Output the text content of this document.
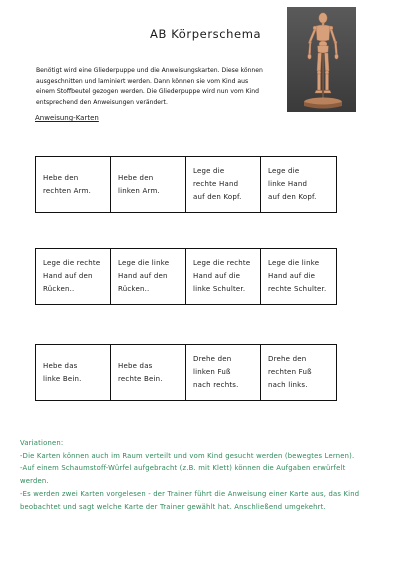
AB Körperschema
Benötigt wird eine Gliederpuppe und die Anweisungskarten. Diese können ausgeschnitten und laminiert werden. Dann können sie vom Kind aus einem Stoffbeutel gezogen werden. Die Gliederpuppe wird nun vom Kind entsprechend den Anweisungen verändert.
Anweisung-Karten
Hebe den
rechten Arm.
Hebe den
linken Arm.
Lege die
rechte Hand
auf den Kopf.
Lege die
linke Hand
auf den Kopf.
Lege die rechte
Hand auf den
Rücken..
Lege die linke
Hand auf den
Rücken..
Lege die rechte
Hand auf die
linke Schulter.
Lege die linke
Hand auf die
rechte Schulter.
Hebe das
linke Bein.
Hebe das
rechte Bein.
Drehe den
linken Fuß
nach rechts.
Drehe den
rechten Fuß
nach links.

Variationen:

-Die Karten können auch im Raum verteilt und vom Kind gesucht werden (bewegtes Lernen).

-Auf einem Schaumstoff-Würfel aufgebracht (z.B. mit Klett) können die Aufgaben erwürfelt werden.

-Es werden zwei Karten vorgelesen - der Trainer führt die Anweisung einer Karte aus, das Kind beobachtet und sagt welche Karte der Trainer gewählt hat. Anschließend umgekehrt.
